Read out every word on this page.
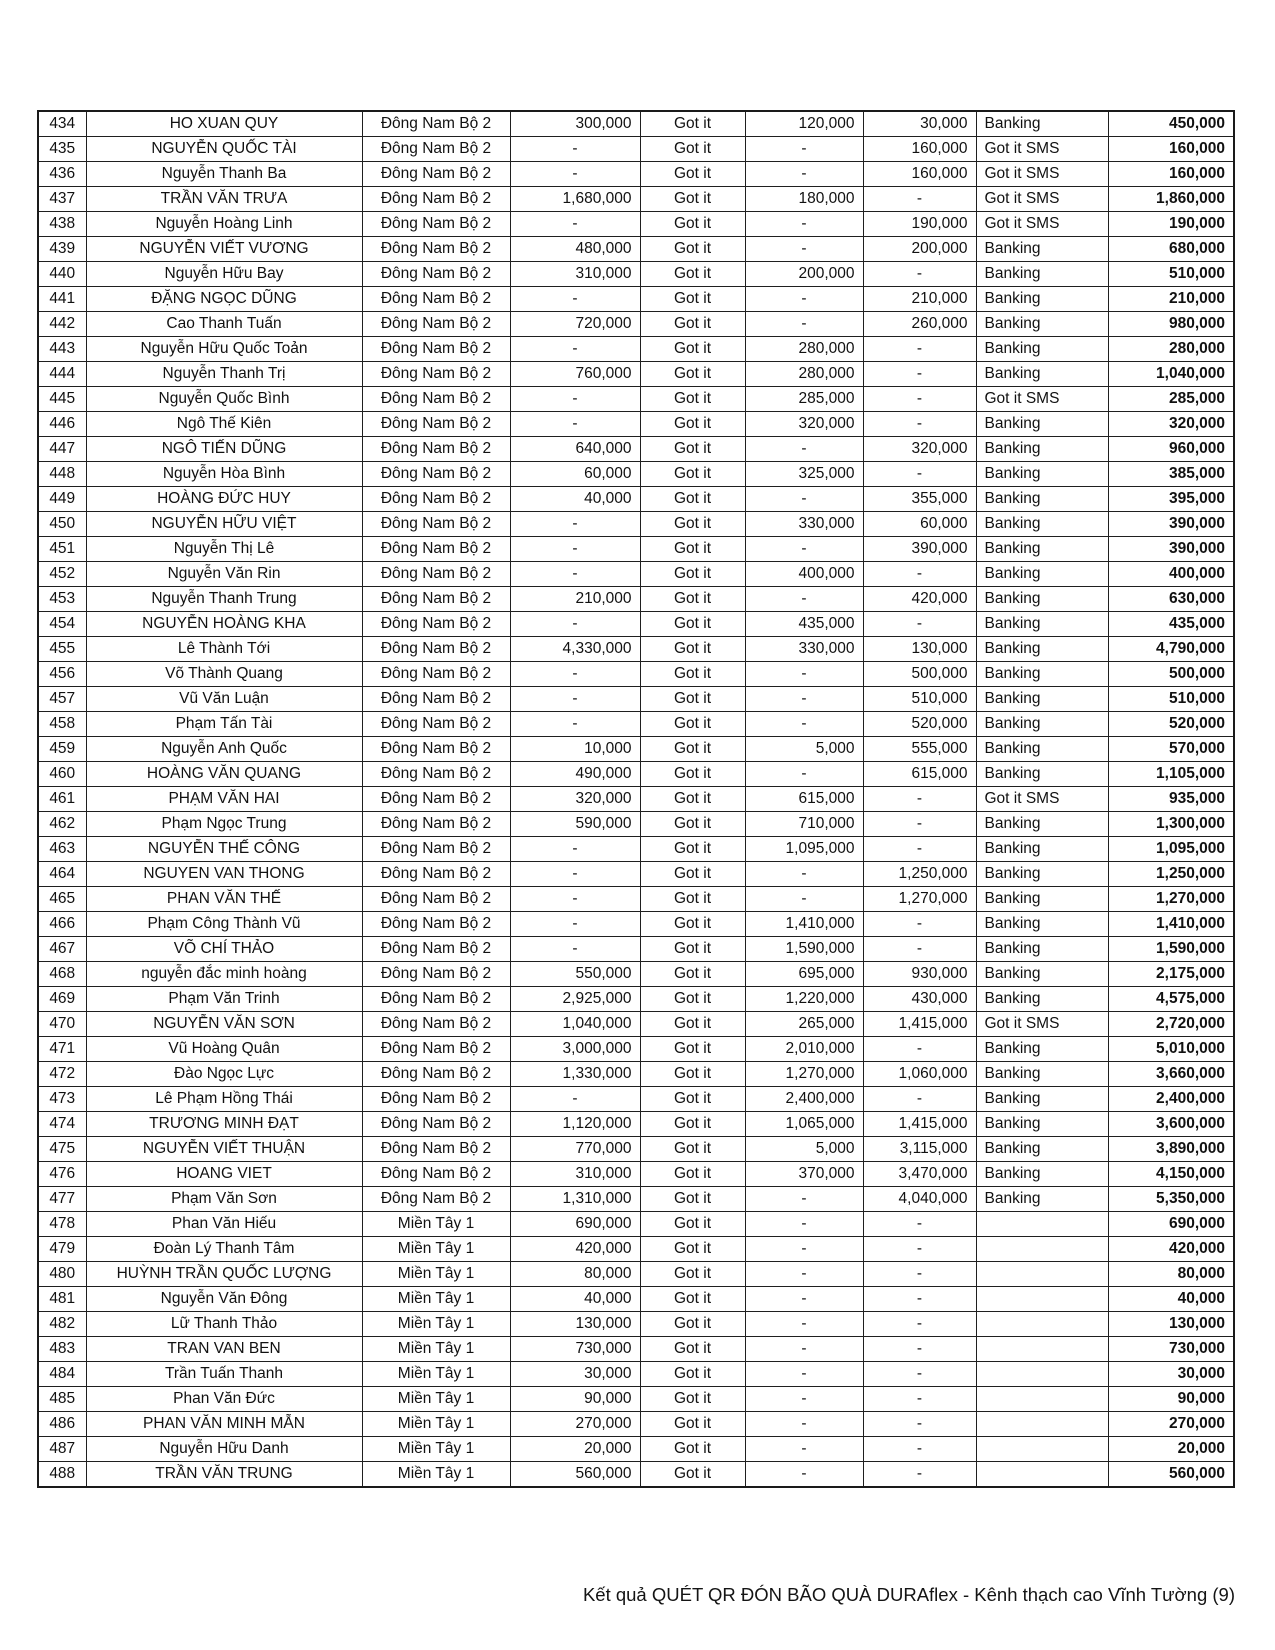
434	HO XUAN QUY	Đông Nam Bộ 2	300,000	Got it	120,000	30,000	Banking	450,000
435	NGUYỄN QUỐC TÀI	Đông Nam Bộ 2	-	Got it	-	160,000	Got it SMS	160,000
436	Nguyễn Thanh Ba	Đông Nam Bộ 2	-	Got it	-	160,000	Got it SMS	160,000
437	TRẦN VĂN TRƯA	Đông Nam Bộ 2	1,680,000	Got it	180,000	-	Got it SMS	1,860,000
438	Nguyễn Hoàng Linh	Đông Nam Bộ 2	-	Got it	-	190,000	Got it SMS	190,000
439	NGUYỄN VIẾT VƯƠNG	Đông Nam Bộ 2	480,000	Got it	-	200,000	Banking	680,000
440	Nguyễn Hữu Bay	Đông Nam Bộ 2	310,000	Got it	200,000	-	Banking	510,000
441	ĐẶNG NGỌC DŨNG	Đông Nam Bộ 2	-	Got it	-	210,000	Banking	210,000
442	Cao Thanh Tuấn	Đông Nam Bộ 2	720,000	Got it	-	260,000	Banking	980,000
443	Nguyễn Hữu Quốc Toản	Đông Nam Bộ 2	-	Got it	280,000	-	Banking	280,000
444	Nguyễn Thanh Trị	Đông Nam Bộ 2	760,000	Got it	280,000	-	Banking	1,040,000
445	Nguyễn Quốc Bình	Đông Nam Bộ 2	-	Got it	285,000	-	Got it SMS	285,000
446	Ngô Thế Kiên	Đông Nam Bộ 2	-	Got it	320,000	-	Banking	320,000
447	NGÔ TIẾN DŨNG	Đông Nam Bộ 2	640,000	Got it	-	320,000	Banking	960,000
448	Nguyễn Hòa Bình	Đông Nam Bộ 2	60,000	Got it	325,000	-	Banking	385,000
449	HOÀNG ĐỨC HUY	Đông Nam Bộ 2	40,000	Got it	-	355,000	Banking	395,000
450	NGUYỄN HỮU VIỆT	Đông Nam Bộ 2	-	Got it	330,000	60,000	Banking	390,000
451	Nguyễn Thị Lê	Đông Nam Bộ 2	-	Got it	-	390,000	Banking	390,000
452	Nguyễn Văn Rin	Đông Nam Bộ 2	-	Got it	400,000	-	Banking	400,000
453	Nguyễn Thanh Trung	Đông Nam Bộ 2	210,000	Got it	-	420,000	Banking	630,000
454	NGUYỄN HOÀNG KHA	Đông Nam Bộ 2	-	Got it	435,000	-	Banking	435,000
455	Lê Thành Tới	Đông Nam Bộ 2	4,330,000	Got it	330,000	130,000	Banking	4,790,000
456	Võ Thành Quang	Đông Nam Bộ 2	-	Got it	-	500,000	Banking	500,000
457	Vũ Văn Luận	Đông Nam Bộ 2	-	Got it	-	510,000	Banking	510,000
458	Phạm Tấn Tài	Đông Nam Bộ 2	-	Got it	-	520,000	Banking	520,000
459	Nguyễn Anh Quốc	Đông Nam Bộ 2	10,000	Got it	5,000	555,000	Banking	570,000
460	HOÀNG VĂN QUANG	Đông Nam Bộ 2	490,000	Got it	-	615,000	Banking	1,105,000
461	PHẠM VĂN HAI	Đông Nam Bộ 2	320,000	Got it	615,000	-	Got it SMS	935,000
462	Phạm Ngọc Trung	Đông Nam Bộ 2	590,000	Got it	710,000	-	Banking	1,300,000
463	NGUYỄN THẾ CÔNG	Đông Nam Bộ 2	-	Got it	1,095,000	-	Banking	1,095,000
464	NGUYEN VAN THONG	Đông Nam Bộ 2	-	Got it	-	1,250,000	Banking	1,250,000
465	PHAN VĂN THẾ	Đông Nam Bộ 2	-	Got it	-	1,270,000	Banking	1,270,000
466	Phạm Công Thành Vũ	Đông Nam Bộ 2	-	Got it	1,410,000	-	Banking	1,410,000
467	VÕ CHÍ THẢO	Đông Nam Bộ 2	-	Got it	1,590,000	-	Banking	1,590,000
468	nguyễn đắc minh hoàng	Đông Nam Bộ 2	550,000	Got it	695,000	930,000	Banking	2,175,000
469	Phạm Văn Trinh	Đông Nam Bộ 2	2,925,000	Got it	1,220,000	430,000	Banking	4,575,000
470	NGUYỄN VĂN SƠN	Đông Nam Bộ 2	1,040,000	Got it	265,000	1,415,000	Got it SMS	2,720,000
471	Vũ Hoàng Quân	Đông Nam Bộ 2	3,000,000	Got it	2,010,000	-	Banking	5,010,000
472	Đào Ngọc Lực	Đông Nam Bộ 2	1,330,000	Got it	1,270,000	1,060,000	Banking	3,660,000
473	Lê Phạm Hồng Thái	Đông Nam Bộ 2	-	Got it	2,400,000	-	Banking	2,400,000
474	TRƯƠNG MINH ĐẠT	Đông Nam Bộ 2	1,120,000	Got it	1,065,000	1,415,000	Banking	3,600,000
475	NGUYỄN VIẾT THUẬN	Đông Nam Bộ 2	770,000	Got it	5,000	3,115,000	Banking	3,890,000
476	HOANG VIET	Đông Nam Bộ 2	310,000	Got it	370,000	3,470,000	Banking	4,150,000
477	Phạm Văn Sơn	Đông Nam Bộ 2	1,310,000	Got it	-	4,040,000	Banking	5,350,000
478	Phan Văn Hiếu	Miền Tây 1	690,000	Got it	-	-		690,000
479	Đoàn Lý Thanh Tâm	Miền Tây 1	420,000	Got it	-	-		420,000
480	HUỲNH TRẦN QUỐC LƯỢNG	Miền Tây 1	80,000	Got it	-	-		80,000
481	Nguyễn Văn Đông	Miền Tây 1	40,000	Got it	-	-		40,000
482	Lữ Thanh Thảo	Miền Tây 1	130,000	Got it	-	-		130,000
483	TRAN VAN BEN	Miền Tây 1	730,000	Got it	-	-		730,000
484	Trần Tuấn Thanh	Miền Tây 1	30,000	Got it	-	-		30,000
485	Phan Văn Đức	Miền Tây 1	90,000	Got it	-	-		90,000
486	PHAN VĂN MINH MẪN	Miền Tây 1	270,000	Got it	-	-		270,000
487	Nguyễn Hữu Danh	Miền Tây 1	20,000	Got it	-	-		20,000
488	TRẦN VĂN TRUNG	Miền Tây 1	560,000	Got it	-	-		560,000
Kết quả QUÉT QR ĐÓN BÃO QUÀ DURAflex - Kênh thạch cao Vĩnh Tường (9)
